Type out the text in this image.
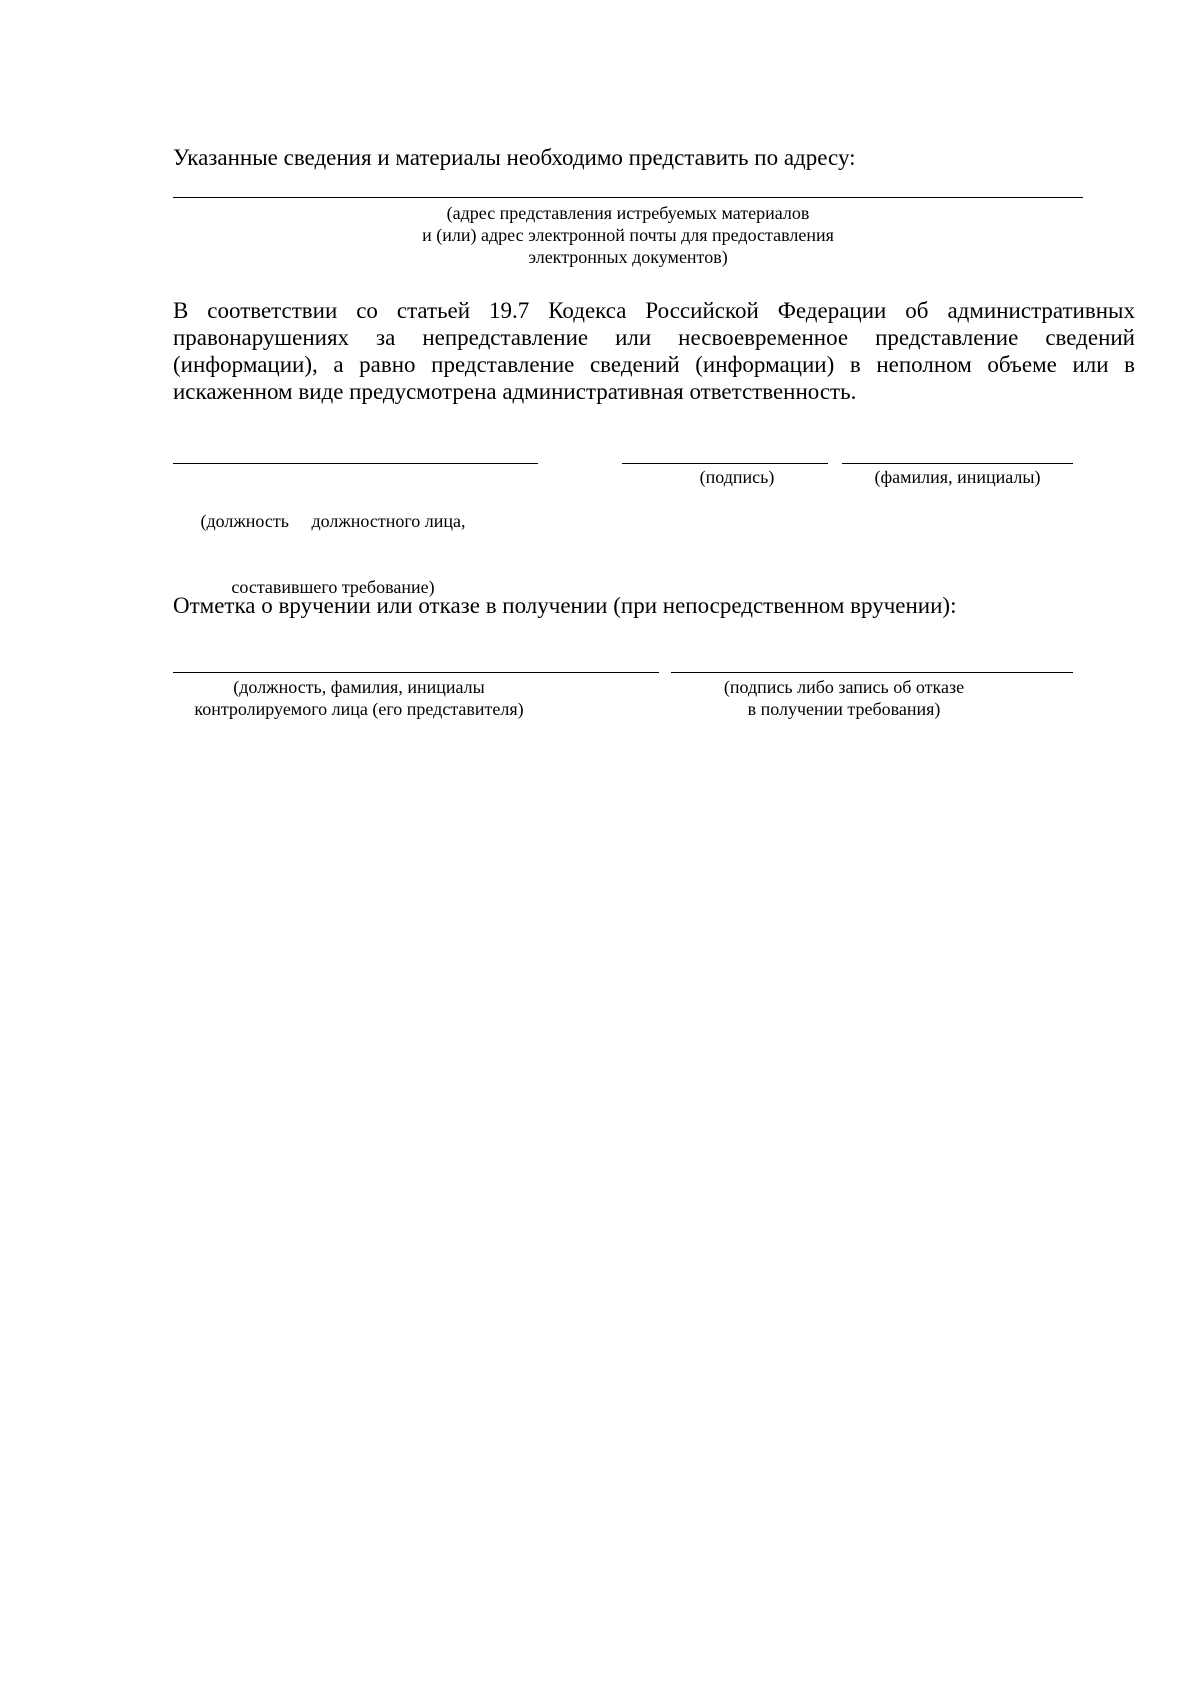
Указанные сведения и материалы необходимо представить по адресу:
(адрес представления истребуемых материалов
и (или) адрес электронной почты для предоставления
электронных документов)
В соответствии со статьей 19.7 Кодекса Российской Федерации об административных правонарушениях за непредставление или несвоевременное представление сведений (информации), а равно представление сведений (информации) в неполном объеме или в искаженном виде предусмотрена административная ответственность.

(должность     должностного лица,

составившего требование)

(подпись)	(фамилия, инициалы)
Отметка о вручении или отказе в получении (при непосредственном вручении):
(должность, фамилия, инициалы
контролируемого лица (его представителя)
(подпись либо запись об отказе
в получении требования)
